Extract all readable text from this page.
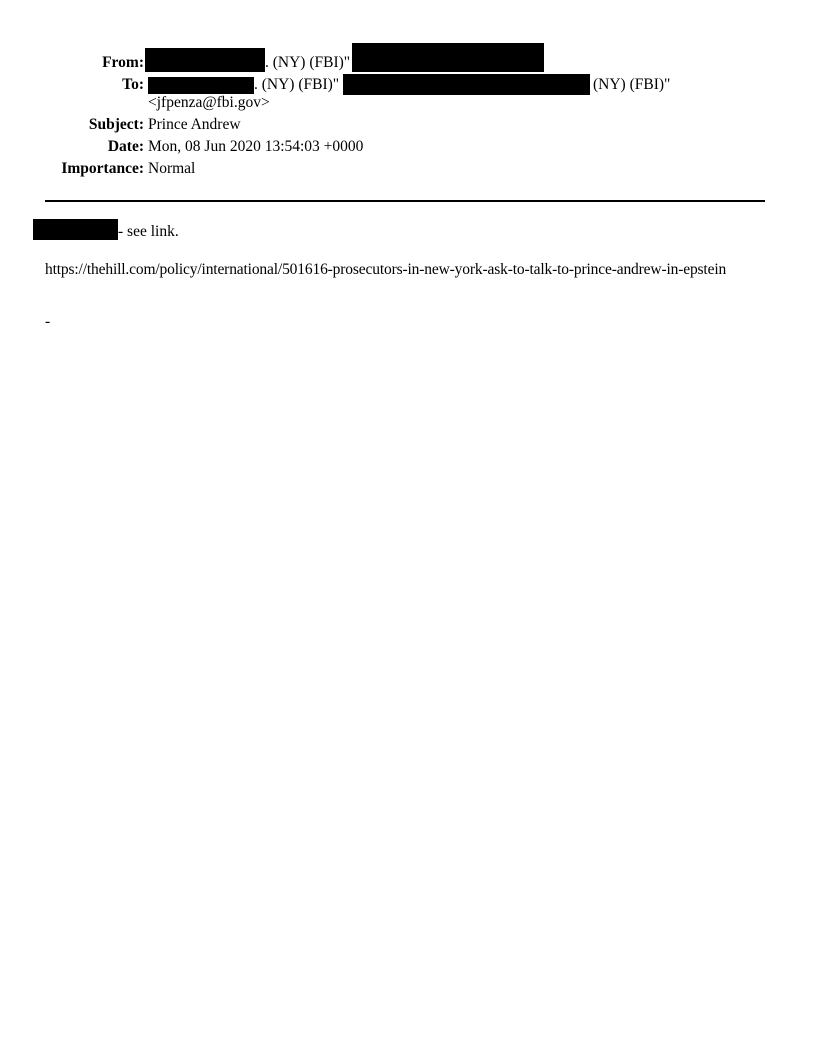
From:	. (NY) (FBI)"
To:	. (NY) (FBI)"	(NY) (FBI)"
<jfpenza@fbi.gov>
Subject: Prince Andrew
Date: Mon, 08 Jun 2020 13:54:03 +0000
Importance: Normal
- see link.
https://thehill.com/policy/international/501616-prosecutors-in-new-york-ask-to-talk-to-prince-andrew-in-epstein
-
